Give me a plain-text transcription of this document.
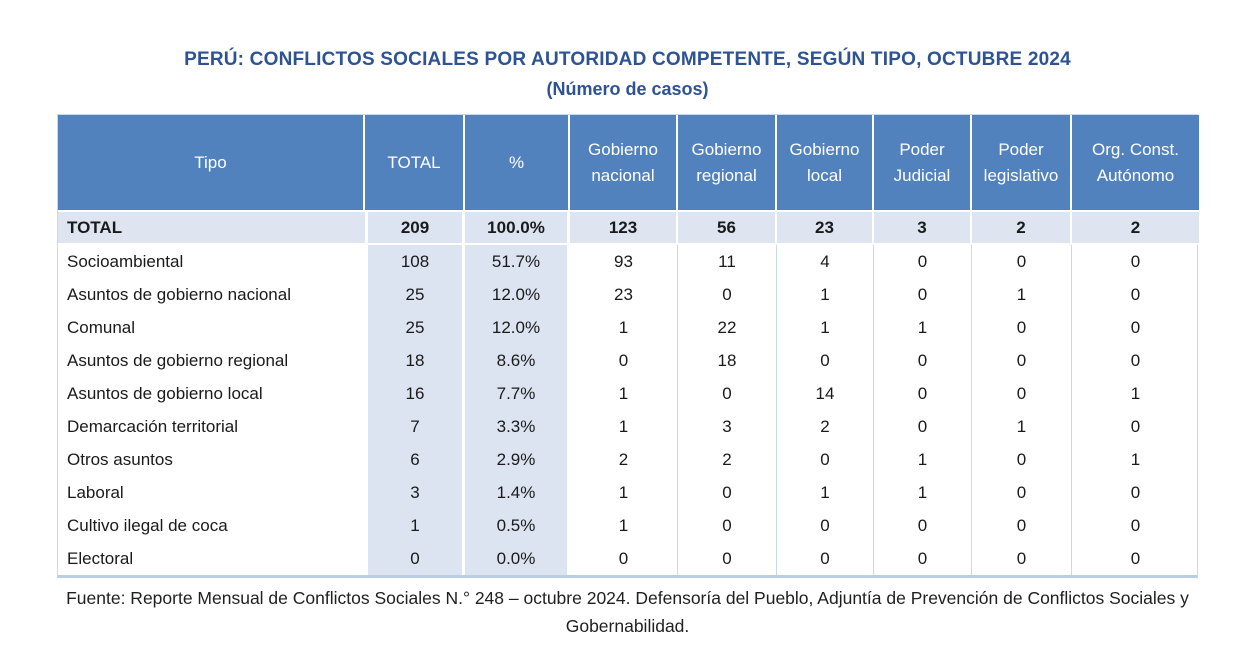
PERÚ: CONFLICTOS SOCIALES POR AUTORIDAD COMPETENTE, SEGÚN TIPO, OCTUBRE 2024
(Número de casos)
Tipo	TOTAL	%	Gobierno nacional	Gobierno regional	Gobierno local	Poder Judicial	Poder legislativo	Org. Const. Autónomo
TOTAL	209	100.0%	123	56	23	3	2	2
Socioambiental	108	51.7%	93	11	4	0	0	0
Asuntos de gobierno nacional	25	12.0%	23	0	1	0	1	0
Comunal	25	12.0%	1	22	1	1	0	0
Asuntos de gobierno regional	18	8.6%	0	18	0	0	0	0
Asuntos de gobierno local	16	7.7%	1	0	14	0	0	1
Demarcación territorial	7	3.3%	1	3	2	0	1	0
Otros asuntos	6	2.9%	2	2	0	1	0	1
Laboral	3	1.4%	1	0	1	1	0	0
Cultivo ilegal de coca	1	0.5%	1	0	0	0	0	0
Electoral	0	0.0%	0	0	0	0	0	0
Fuente: Reporte Mensual de Conflictos Sociales N.° 248 – octubre 2024. Defensoría del Pueblo, Adjuntía de Prevención de Conflictos Sociales y Gobernabilidad.
